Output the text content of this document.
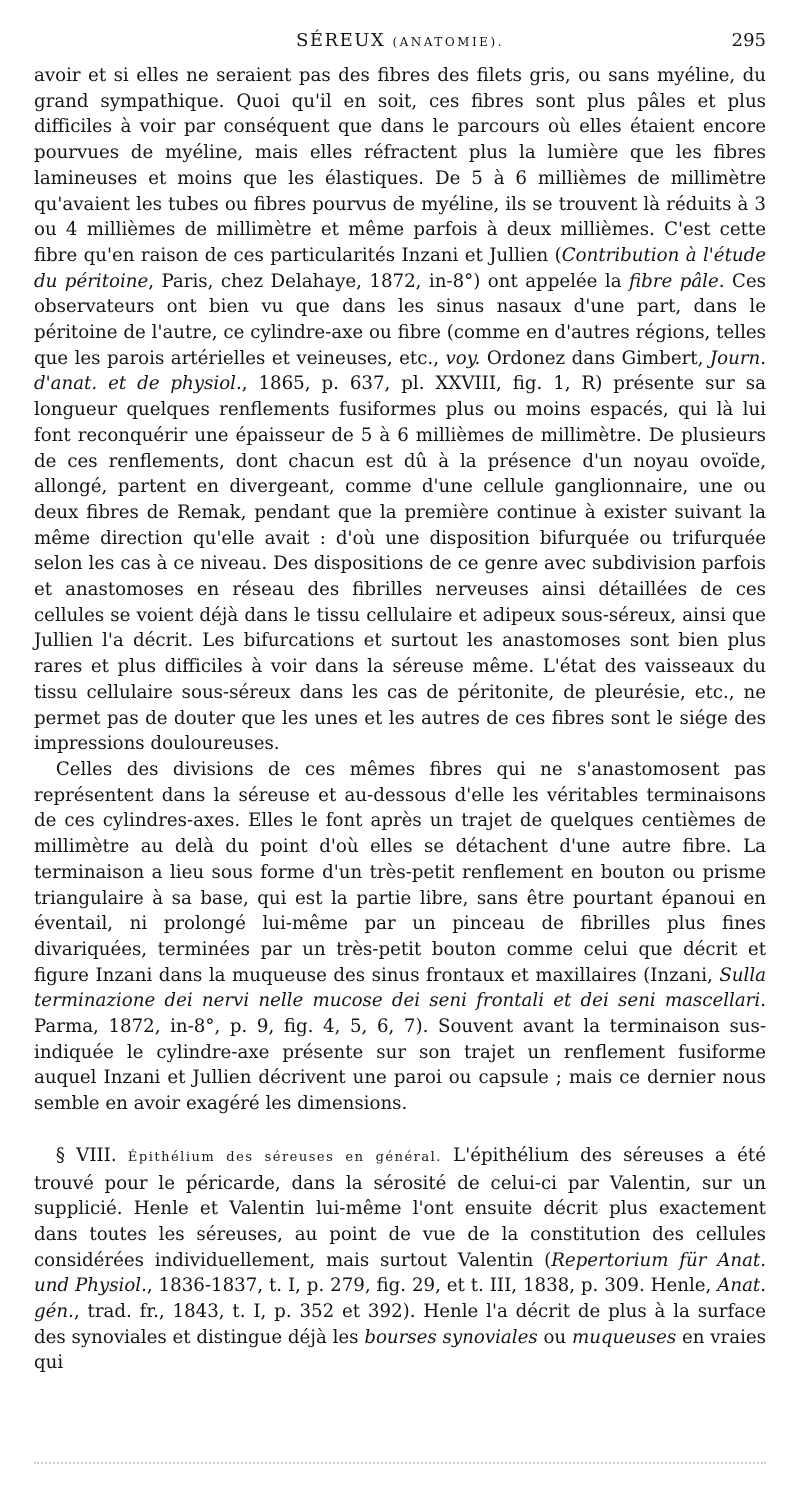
SÉREUX (ANATOMIE).	295

avoir et si elles ne seraient pas des fibres des filets gris, ou sans myéline, du grand sympathique. Quoi qu'il en soit, ces fibres sont plus pâles et plus difficiles à voir par conséquent que dans le parcours où elles étaient encore pourvues de myéline, mais elles réfractent plus la lumière que les fibres lamineuses et moins que les élastiques. De 5 à 6 millièmes de millimètre qu'avaient les tubes ou fibres pourvus de myéline, ils se trouvent là réduits à 3 ou 4 millièmes de millimètre et même parfois à deux millièmes. C'est cette fibre qu'en raison de ces particularités Inzani et Jullien (Contribution à l'étude du péritoine, Paris, chez Delahaye, 1872, in-8°) ont appelée la fibre pâle. Ces observateurs ont bien vu que dans les sinus nasaux d'une part, dans le péritoine de l'autre, ce cylindre-axe ou fibre (comme en d'autres régions, telles que les parois artérielles et veineuses, etc., voy. Ordonez dans Gimbert, Journ. d'anat. et de physiol., 1865, p. 637, pl. XXVIII, fig. 1, R) présente sur sa longueur quelques renflements fusiformes plus ou moins espacés, qui là lui font reconquérir une épaisseur de 5 à 6 millièmes de millimètre. De plusieurs de ces renflements, dont chacun est dû à la présence d'un noyau ovoïde, allongé, partent en divergeant, comme d'une cellule ganglionnaire, une ou deux fibres de Remak, pendant que la première continue à exister suivant la même direction qu'elle avait : d'où une disposition bifurquée ou trifurquée selon les cas à ce niveau. Des dispositions de ce genre avec subdivision parfois et anastomoses en réseau des fibrilles nerveuses ainsi détaillées de ces cellules se voient déjà dans le tissu cellulaire et adipeux sous-séreux, ainsi que Jullien l'a décrit. Les bifurcations et surtout les anastomoses sont bien plus rares et plus difficiles à voir dans la séreuse même. L'état des vaisseaux du tissu cellulaire sous-séreux dans les cas de péritonite, de pleurésie, etc., ne permet pas de douter que les unes et les autres de ces fibres sont le siége des impressions douloureuses.

Celles des divisions de ces mêmes fibres qui ne s'anastomosent pas représentent dans la séreuse et au-dessous d'elle les véritables terminaisons de ces cylindres-axes. Elles le font après un trajet de quelques centièmes de millimètre au delà du point d'où elles se détachent d'une autre fibre. La terminaison a lieu sous forme d'un très-petit renflement en bouton ou prisme triangulaire à sa base, qui est la partie libre, sans être pourtant épanoui en éventail, ni prolongé lui-même par un pinceau de fibrilles plus fines divariquées, terminées par un très-petit bouton comme celui que décrit et figure Inzani dans la muqueuse des sinus frontaux et maxillaires (Inzani, Sulla terminazione dei nervi nelle mucose dei seni frontali et dei seni mascellari. Parma, 1872, in-8°, p. 9, fig. 4, 5, 6, 7). Souvent avant la terminaison sus-indiquée le cylindre-axe présente sur son trajet un renflement fusiforme auquel Inzani et Jullien décrivent une paroi ou capsule ; mais ce dernier nous semble en avoir exagéré les dimensions.

§ VIII. Épithélium des séreuses en général. L'épithélium des séreuses a été trouvé pour le péricarde, dans la sérosité de celui-ci par Valentin, sur un supplicié. Henle et Valentin lui-même l'ont ensuite décrit plus exactement dans toutes les séreuses, au point de vue de la constitution des cellules considérées individuellement, mais surtout Valentin (Repertorium für Anat. und Physiol., 1836-1837, t. I, p. 279, fig. 29, et t. III, 1838, p. 309. Henle, Anat. gén., trad. fr., 1843, t. I, p. 352 et 392). Henle l'a décrit de plus à la surface des synoviales et distingue déjà les bourses synoviales ou muqueuses en vraies qui
